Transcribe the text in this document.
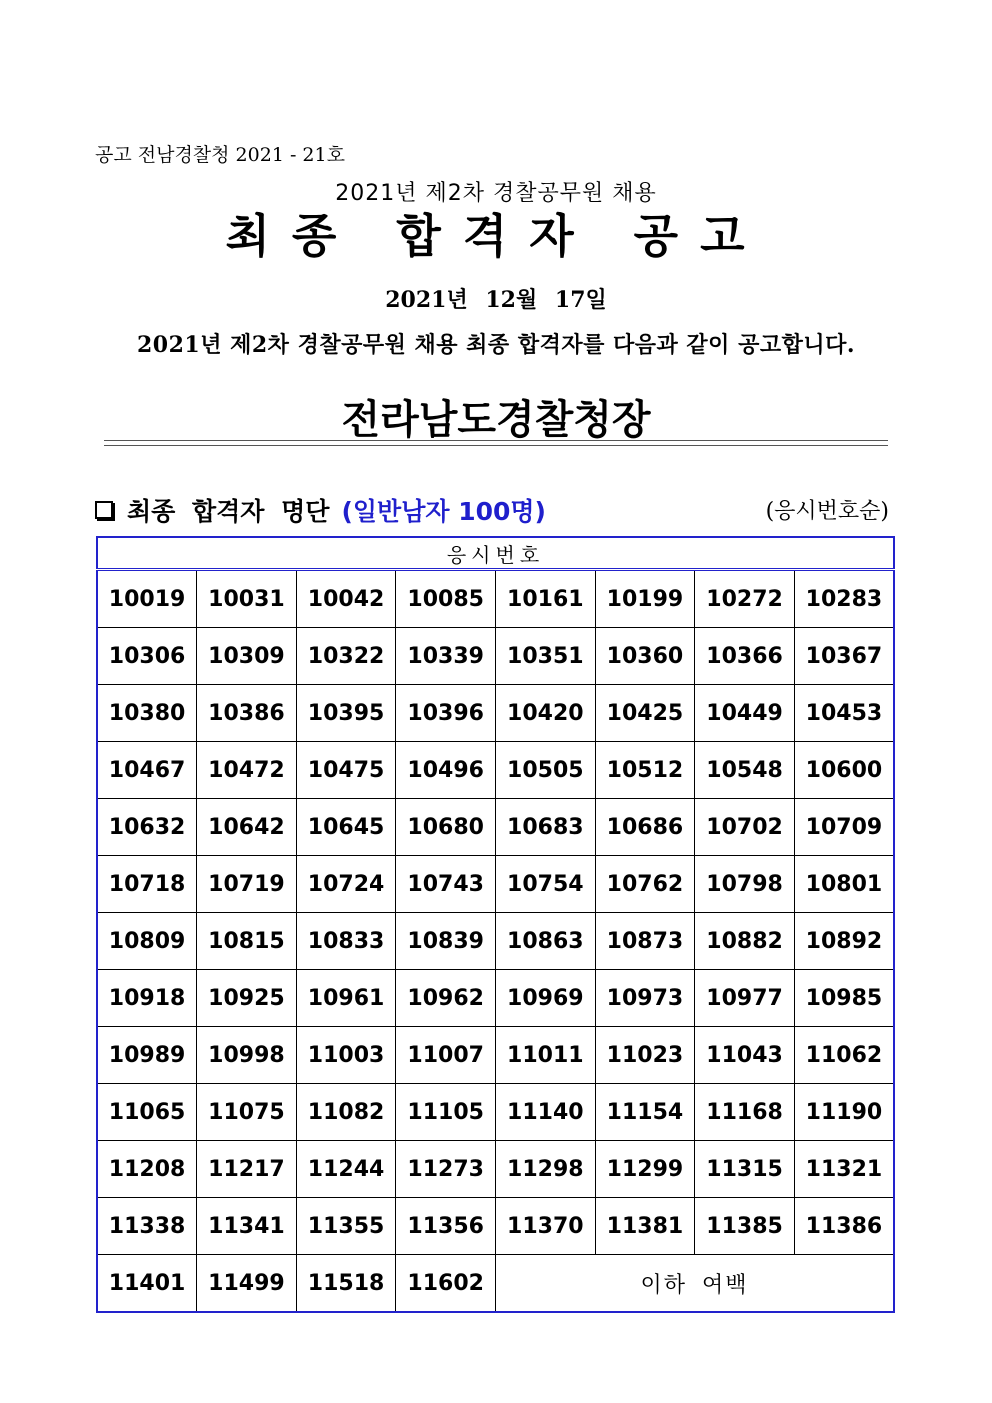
공고 전남경찰청 2021 - 21호
2021년 제2차 경찰공무원 채용
최종 합격자 공고
2021년 12월 17일
2021년 제2차 경찰공무원 채용 최종 합격자를 다음과 같이 공고합니다.
전라남도경찰청장
최종 합격자 명단 (일반남자 100명)	(응시번호순)
응시번호							
10019	10031	10042	10085	10161	10199	10272	10283
10306	10309	10322	10339	10351	10360	10366	10367
10380	10386	10395	10396	10420	10425	10449	10453
10467	10472	10475	10496	10505	10512	10548	10600
10632	10642	10645	10680	10683	10686	10702	10709
10718	10719	10724	10743	10754	10762	10798	10801
10809	10815	10833	10839	10863	10873	10882	10892
10918	10925	10961	10962	10969	10973	10977	10985
10989	10998	11003	11007	11011	11023	11043	11062
11065	11075	11082	11105	11140	11154	11168	11190
11208	11217	11244	11273	11298	11299	11315	11321
11338	11341	11355	11356	11370	11381	11385	11386
11401	11499	11518	11602	이하 여백			
